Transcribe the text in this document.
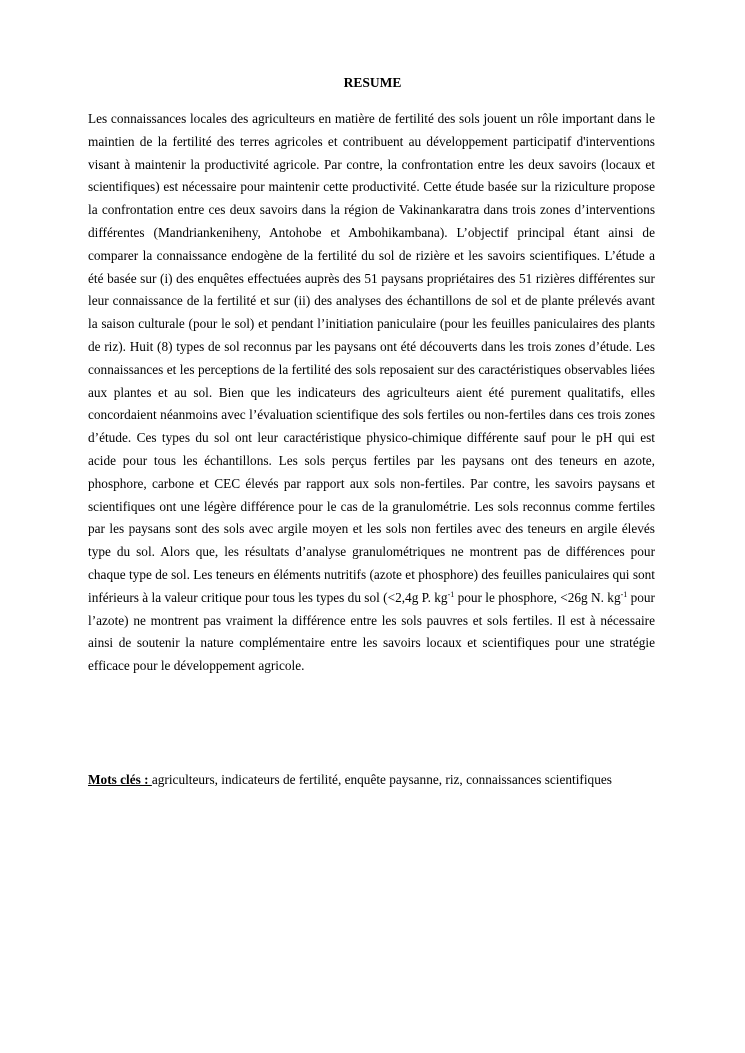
RESUME

Les connaissances locales des agriculteurs en matière de fertilité des sols jouent un rôle important dans le maintien de la fertilité des terres agricoles et contribuent au développement participatif d'interventions visant à maintenir la productivité agricole. Par contre, la confrontation entre les deux savoirs (locaux et scientifiques) est nécessaire pour maintenir cette productivité. Cette étude basée sur la riziculture propose la confrontation entre ces deux savoirs dans la région de Vakinankaratra dans trois zones d’interventions différentes (Mandriankeniheny, Antohobe et Ambohikambana). L’objectif principal étant ainsi de comparer la connaissance endogène de la fertilité du sol de rizière et les savoirs scientifiques. L’étude a été basée sur (i) des enquêtes effectuées auprès des 51 paysans propriétaires des 51 rizières différentes sur leur connaissance de la fertilité et sur (ii) des analyses des échantillons de sol et de plante prélevés avant la saison culturale (pour le sol) et pendant l’initiation paniculaire (pour les feuilles paniculaires des plants de riz). Huit (8) types de sol reconnus par les paysans ont été découverts dans les trois zones d’étude. Les connaissances et les perceptions de la fertilité des sols reposaient sur des caractéristiques observables liées aux plantes et au sol. Bien que les indicateurs des agriculteurs aient été purement qualitatifs, elles concordaient néanmoins avec l’évaluation scientifique des sols fertiles ou non-fertiles dans ces trois zones d’étude. Ces types du sol ont leur caractéristique physico-chimique différente sauf pour le pH qui est acide pour tous les échantillons. Les sols perçus fertiles par les paysans ont des teneurs en azote, phosphore, carbone et CEC élevés par rapport aux sols non-fertiles. Par contre, les savoirs paysans et scientifiques ont une légère différence pour le cas de la granulométrie. Les sols reconnus comme fertiles par les paysans sont des sols avec argile moyen et les sols non fertiles avec des teneurs en argile élevés type du sol. Alors que, les résultats d’analyse granulométriques ne montrent pas de différences pour chaque type de sol. Les teneurs en éléments nutritifs (azote et phosphore) des feuilles paniculaires qui sont inférieurs à la valeur critique pour tous les types du sol (<2,4g P. $kg^{-1}$ pour le phosphore, <26g N. $kg^{-1}$ pour l’azote) ne montrent pas vraiment la différence entre les sols pauvres et sols fertiles. Il est à nécessaire ainsi de soutenir la nature complémentaire entre les savoirs locaux et scientifiques pour une stratégie efficace pour le développement agricole.

Mots clés : agriculteurs, indicateurs de fertilité, enquête paysanne, riz, connaissances scientifiques
